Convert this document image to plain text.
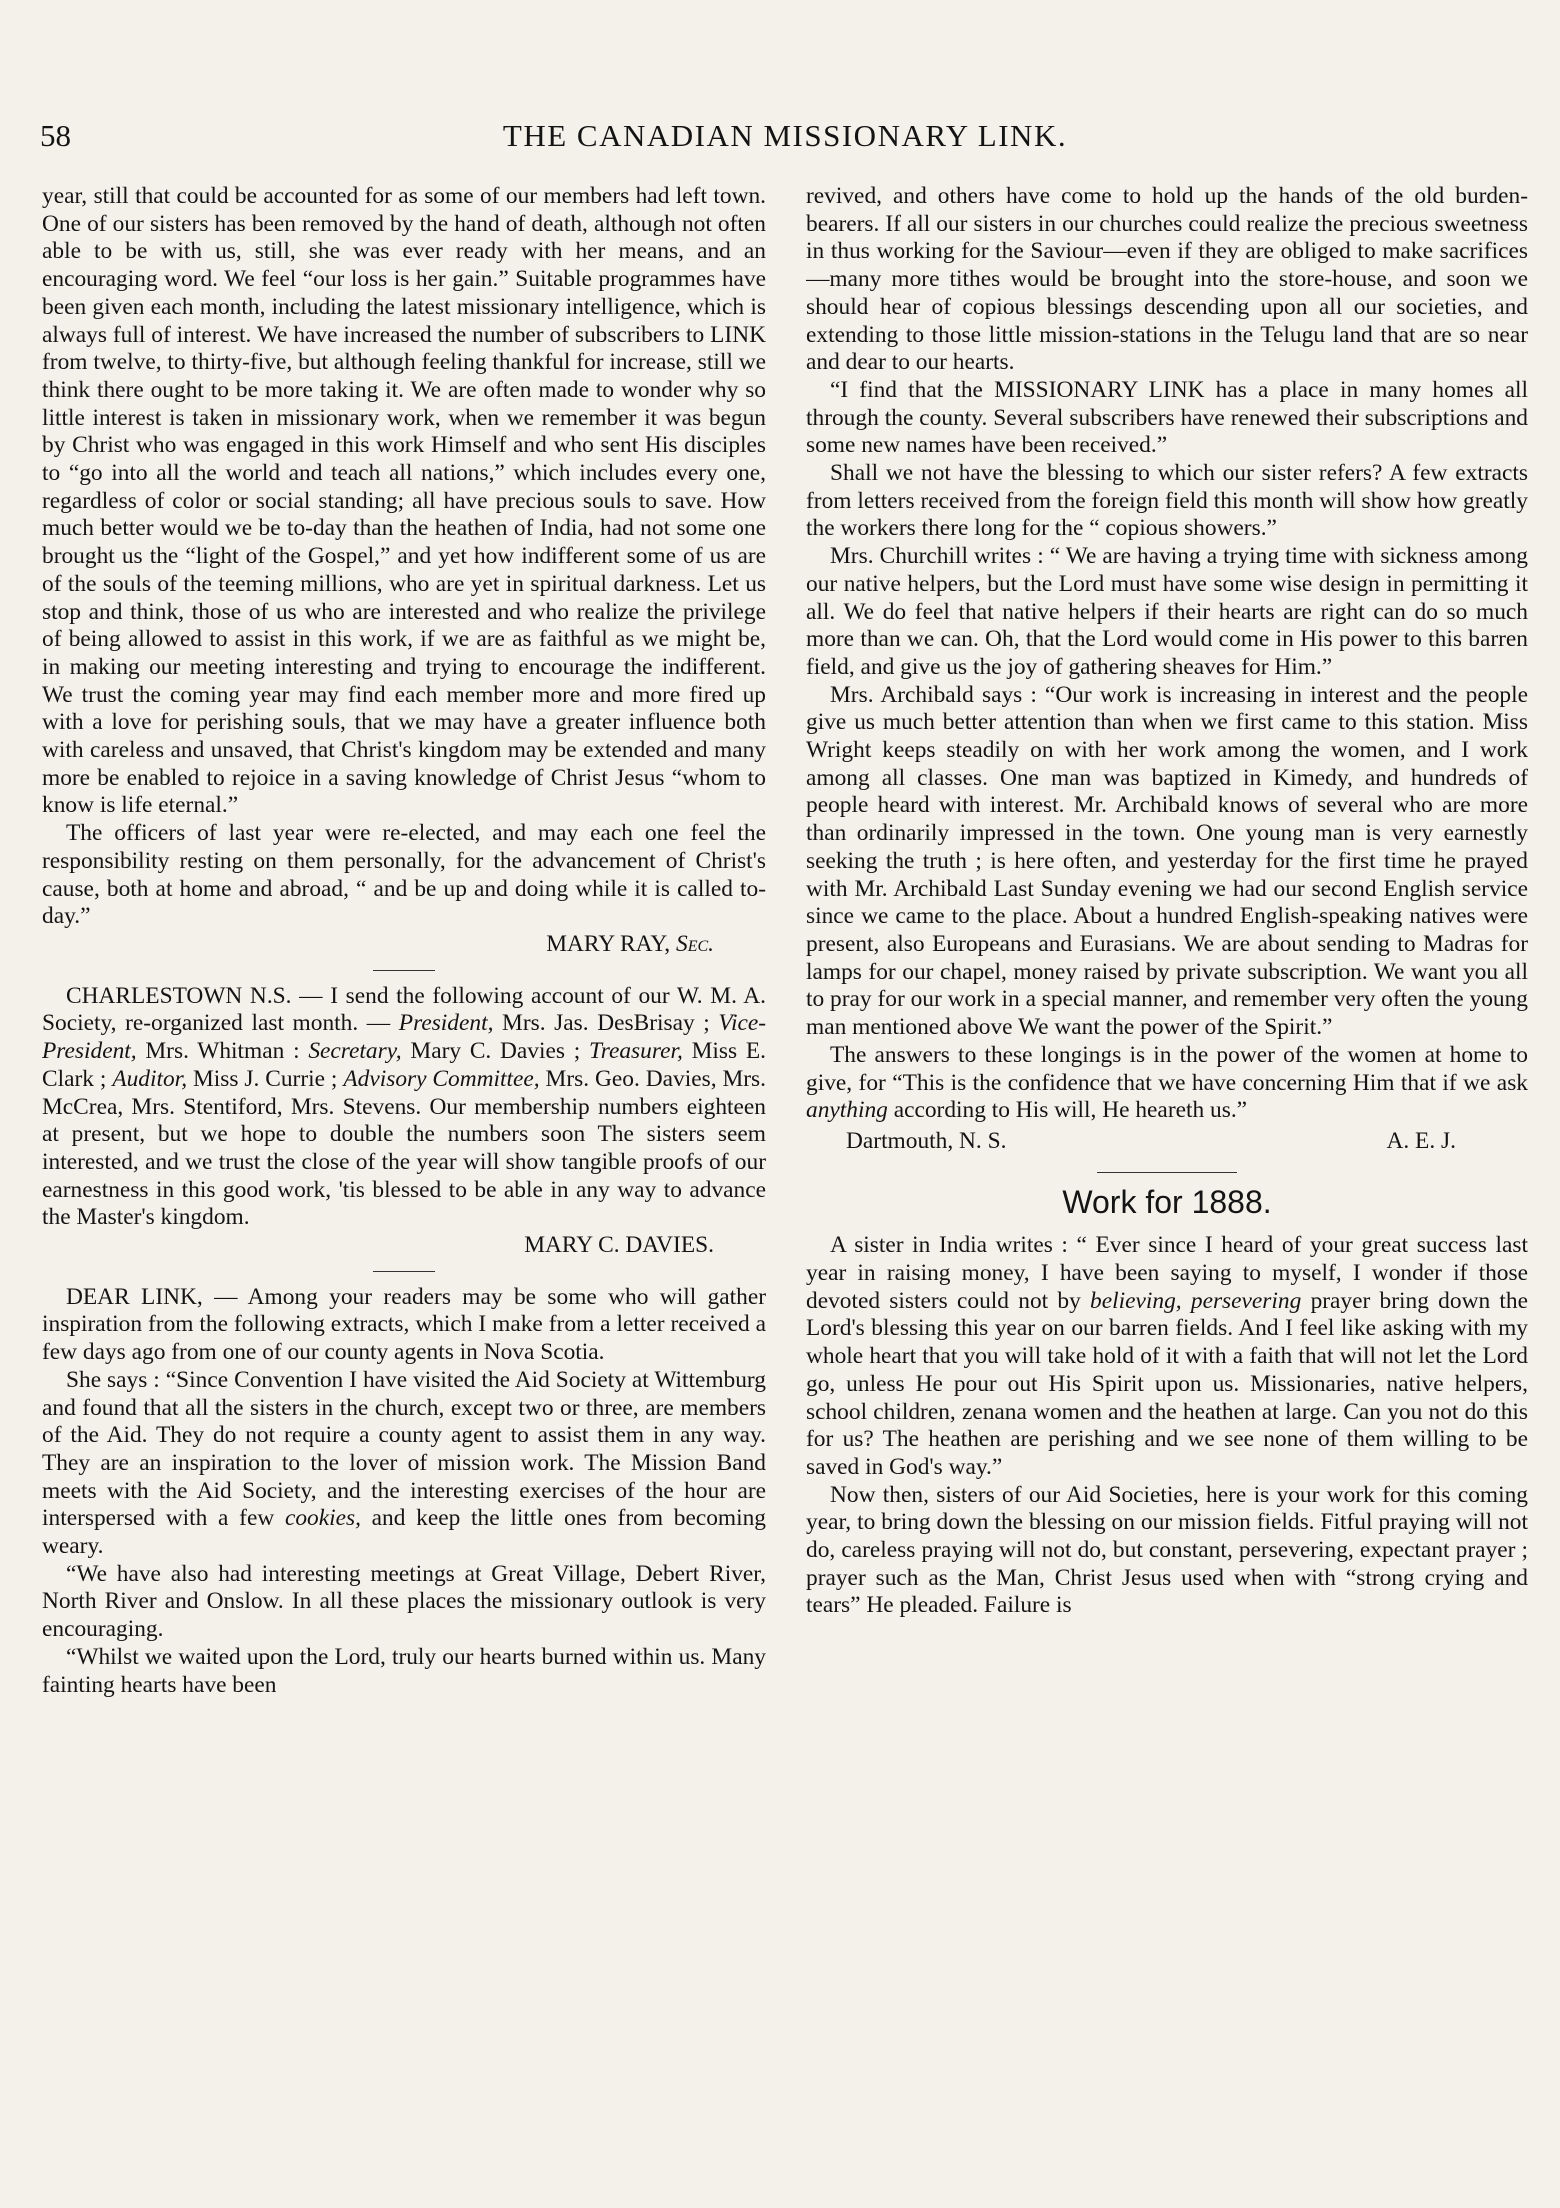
58	THE CANADIAN MISSIONARY LINK.

year, still that could be accounted for as some of our members had left town. One of our sisters has been removed by the hand of death, although not often able to be with us, still, she was ever ready with her means, and an encouraging word. We feel “our loss is her gain.” Suitable programmes have been given each month, including the latest missionary intelligence, which is always full of interest. We have increased the number of subscribers to LINK from twelve, to thirty-five, but although feeling thankful for increase, still we think there ought to be more taking it. We are often made to wonder why so little interest is taken in missionary work, when we remember it was begun by Christ who was engaged in this work Himself and who sent His disciples to “go into all the world and teach all nations,” which includes every one, regardless of color or social standing; all have precious souls to save. How much better would we be to-day than the heathen of India, had not some one brought us the “light of the Gospel,” and yet how indifferent some of us are of the souls of the teeming millions, who are yet in spiritual darkness. Let us stop and think, those of us who are interested and who realize the privilege of being allowed to assist in this work, if we are as faithful as we might be, in making our meeting interesting and trying to encourage the indifferent. We trust the coming year may find each member more and more fired up with a love for perishing souls, that we may have a greater influence both with careless and unsaved, that Christ's kingdom may be extended and many more be enabled to rejoice in a saving knowledge of Christ Jesus “whom to know is life eternal.”

The officers of last year were re-elected, and may each one feel the responsibility resting on them personally, for the advancement of Christ's cause, both at home and abroad, “ and be up and doing while it is called to-day.”

MARY RAY, Sec.

CHARLESTOWN N.S. — I send the following account of our W. M. A. Society, re-organized last month. — President, Mrs. Jas. DesBrisay ; Vice-President, Mrs. Whitman : Secretary, Mary C. Davies ; Treasurer, Miss E. Clark ; Auditor, Miss J. Currie ; Advisory Committee, Mrs. Geo. Davies, Mrs. McCrea, Mrs. Stentiford, Mrs. Stevens. Our membership numbers eighteen at present, but we hope to double the numbers soon The sisters seem interested, and we trust the close of the year will show tangible proofs of our earnestness in this good work, 'tis blessed to be able in any way to advance the Master's kingdom.

MARY C. DAVIES.

DEAR LINK, — Among your readers may be some who will gather inspiration from the following extracts, which I make from a letter received a few days ago from one of our county agents in Nova Scotia.

She says : “Since Convention I have visited the Aid Society at Wittemburg and found that all the sisters in the church, except two or three, are members of the Aid. They do not require a county agent to assist them in any way. They are an inspiration to the lover of mission work. The Mission Band meets with the Aid Society, and the interesting exercises of the hour are interspersed with a few cookies, and keep the little ones from becoming weary.

“We have also had interesting meetings at Great Village, Debert River, North River and Onslow. In all these places the missionary outlook is very encouraging.

“Whilst we waited upon the Lord, truly our hearts burned within us. Many fainting hearts have been

revived, and others have come to hold up the hands of the old burden-bearers. If all our sisters in our churches could realize the precious sweetness in thus working for the Saviour—even if they are obliged to make sacrifices—many more tithes would be brought into the store-house, and soon we should hear of copious blessings descending upon all our societies, and extending to those little mission-stations in the Telugu land that are so near and dear to our hearts.

“I find that the MISSIONARY LINK has a place in many homes all through the county. Several subscribers have renewed their subscriptions and some new names have been received.”

Shall we not have the blessing to which our sister refers? A few extracts from letters received from the foreign field this month will show how greatly the workers there long for the “ copious showers.”

Mrs. Churchill writes : “ We are having a trying time with sickness among our native helpers, but the Lord must have some wise design in permitting it all. We do feel that native helpers if their hearts are right can do so much more than we can. Oh, that the Lord would come in His power to this barren field, and give us the joy of gathering sheaves for Him.”

Mrs. Archibald says : “Our work is increasing in interest and the people give us much better attention than when we first came to this station. Miss Wright keeps steadily on with her work among the women, and I work among all classes. One man was baptized in Kimedy, and hundreds of people heard with interest. Mr. Archibald knows of several who are more than ordinarily impressed in the town. One young man is very earnestly seeking the truth ; is here often, and yesterday for the first time he prayed with Mr. Archibald Last Sunday evening we had our second English service since we came to the place. About a hundred English-speaking natives were present, also Europeans and Eurasians. We are about sending to Madras for lamps for our chapel, money raised by private subscription. We want you all to pray for our work in a special manner, and remember very often the young man mentioned above We want the power of the Spirit.”

The answers to these longings is in the power of the women at home to give, for “This is the confidence that we have concerning Him that if we ask anything according to His will, He heareth us.”

Dartmouth, N. S.	A. E. J.
Work for 1888.

A sister in India writes : “ Ever since I heard of your great success last year in raising money, I have been saying to myself, I wonder if those devoted sisters could not by believing, persevering prayer bring down the Lord's blessing this year on our barren fields. And I feel like asking with my whole heart that you will take hold of it with a faith that will not let the Lord go, unless He pour out His Spirit upon us. Missionaries, native helpers, school children, zenana women and the heathen at large. Can you not do this for us? The heathen are perishing and we see none of them willing to be saved in God's way.”

Now then, sisters of our Aid Societies, here is your work for this coming year, to bring down the blessing on our mission fields. Fitful praying will not do, careless praying will not do, but constant, persevering, expectant prayer ; prayer such as the Man, Christ Jesus used when with “strong crying and tears” He pleaded. Failure is
